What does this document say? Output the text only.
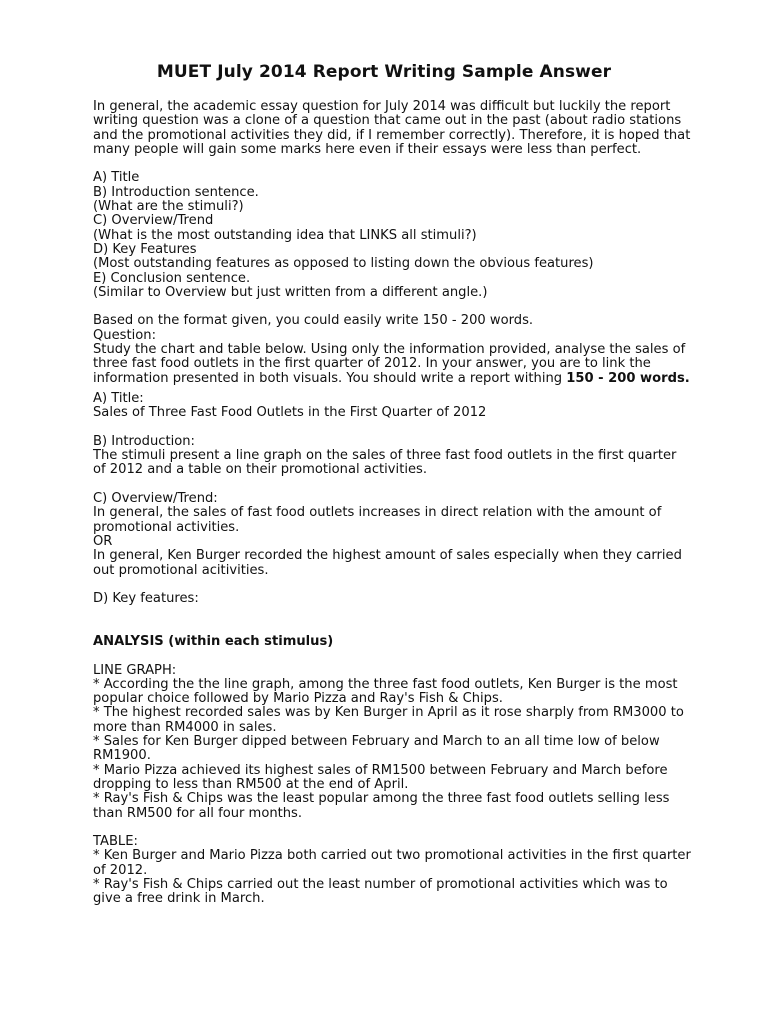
MUET July 2014 Report Writing Sample Answer

In general, the academic essay question for July 2014 was difficult but luckily the report writing question was a clone of a question that came out in the past (about radio stations and the promotional activities they did, if I remember correctly). Therefore, it is hoped that many people will gain some marks here even if their essays were less than perfect.

A) Title

B) Introduction sentence.

(What are the stimuli?)

C) Overview/Trend

(What is the most outstanding idea that LINKS all stimuli?)

D) Key Features

(Most outstanding features as opposed to listing down the obvious features)

E) Conclusion sentence.

(Similar to Overview but just written from a different angle.)

Based on the format given, you could easily write 150 - 200 words.

Question:

Study the chart and table below. Using only the information provided, analyse the sales of three fast food outlets in the first quarter of 2012. In your answer, you are to link the information presented in both visuals. You should write a report withing 150 - 200 words.

A) Title:

Sales of Three Fast Food Outlets in the First Quarter of 2012

B) Introduction:

The stimuli present a line graph on the sales of three fast food outlets in the first quarter of 2012 and a table on their promotional activities.

C) Overview/Trend:

In general, the sales of fast food outlets increases in direct relation with the amount of promotional activities.

OR

In general, Ken Burger recorded the highest amount of sales especially when they carried out promotional acitivities.

D) Key features:

ANALYSIS (within each stimulus)

LINE GRAPH:

* According the the line graph, among the three fast food outlets, Ken Burger is the most popular choice followed by Mario Pizza and Ray's Fish & Chips.

* The highest recorded sales was by Ken Burger in April as it rose sharply from RM3000 to more than RM4000 in sales.

* Sales for Ken Burger dipped between February and March to an all time low of below RM1900.

* Mario Pizza achieved its highest sales of RM1500 between February and March before dropping to less than RM500 at the end of April.

* Ray's Fish & Chips was the least popular among the three fast food outlets selling less than RM500 for all four months.

TABLE:

* Ken Burger and Mario Pizza both carried out two promotional activities in the first quarter of 2012.

* Ray's Fish & Chips carried out the least number of promotional activities which was to give a free drink in March.
